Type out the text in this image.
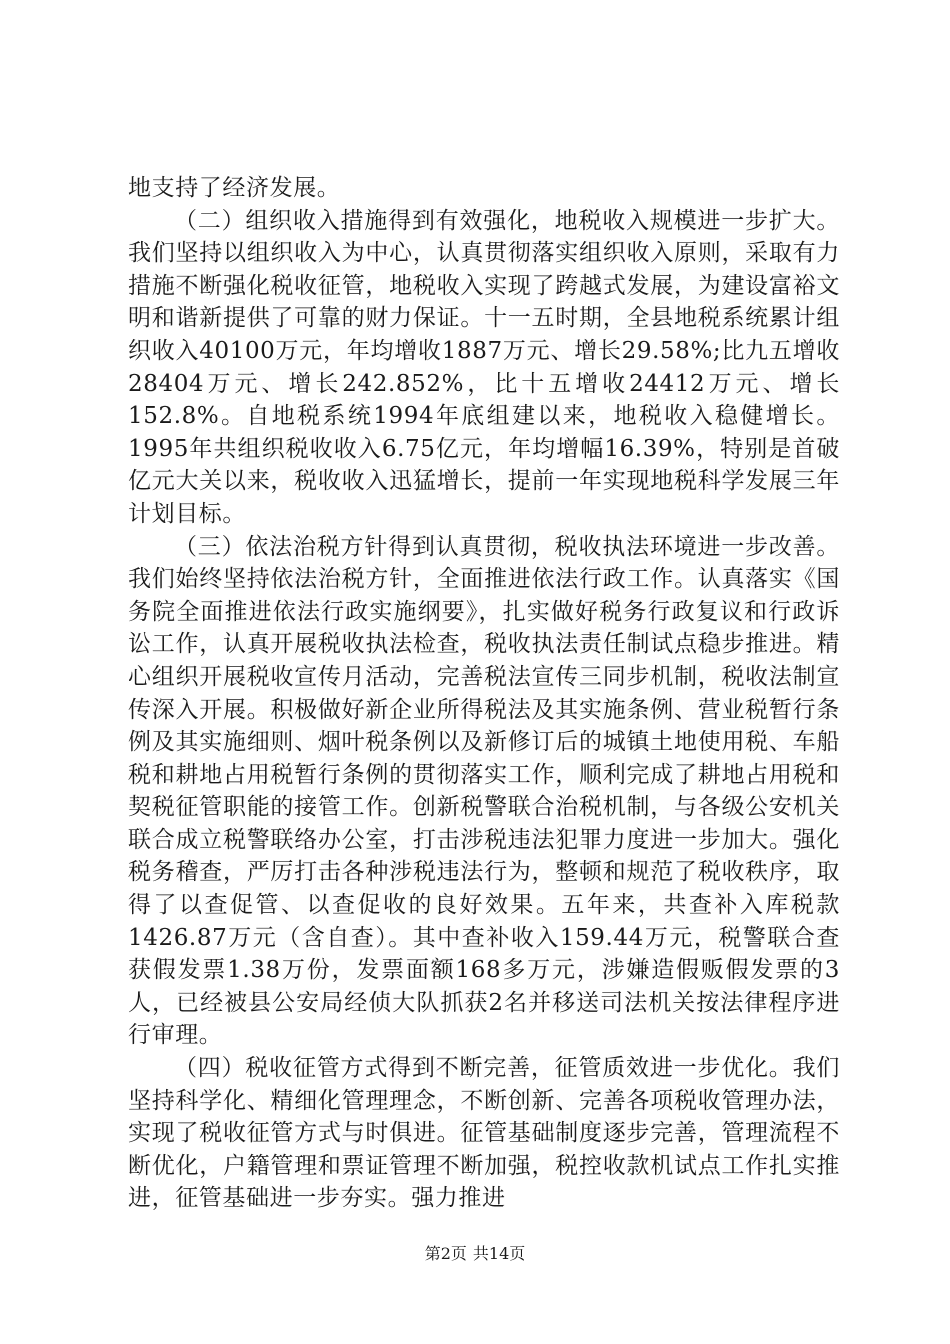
地支持了经济发展。

（二）组织收入措施得到有效强化，地税收入规模进一步扩大。我们坚持以组织收入为中心，认真贯彻落实组织收入原则，采取有力措施不断强化税收征管，地税收入实现了跨越式发展，为建设富裕文明和谐新提供了可靠的财力保证。十一五时期，全县地税系统累计组织收入40100万元，年均增收1887万元、增长29.58%;比九五增收28404万元、增长242.852%，比十五增收24412万元、增长152.8%。自地税系统1994年底组建以来，地税收入稳健增长。1995年共组织税收收入6.75亿元，年均增幅16.39%，特别是首破亿元大关以来，税收收入迅猛增长，提前一年实现地税科学发展三年计划目标。

（三）依法治税方针得到认真贯彻，税收执法环境进一步改善。我们始终坚持依法治税方针，全面推进依法行政工作。认真落实《国务院全面推进依法行政实施纲要》，扎实做好税务行政复议和行政诉讼工作，认真开展税收执法检查，税收执法责任制试点稳步推进。精心组织开展税收宣传月活动，完善税法宣传三同步机制，税收法制宣传深入开展。积极做好新企业所得税法及其实施条例、营业税暂行条例及其实施细则、烟叶税条例以及新修订后的城镇土地使用税、车船税和耕地占用税暂行条例的贯彻落实工作，顺利完成了耕地占用税和契税征管职能的接管工作。创新税警联合治税机制，与各级公安机关联合成立税警联络办公室，打击涉税违法犯罪力度进一步加大。强化税务稽查，严厉打击各种涉税违法行为，整顿和规范了税收秩序，取得了以查促管、以查促收的良好效果。五年来，共查补入库税款1426.87万元（含自查）。其中查补收入159.44万元，税警联合查获假发票1.38万份，发票面额168多万元，涉嫌造假贩假发票的3人，已经被县公安局经侦大队抓获2名并移送司法机关按法律程序进行审理。

（四）税收征管方式得到不断完善，征管质效进一步优化。我们坚持科学化、精细化管理理念，不断创新、完善各项税收管理办法，实现了税收征管方式与时俱进。征管基础制度逐步完善，管理流程不断优化，户籍管理和票证管理不断加强，税控收款机试点工作扎实推进，征管基础进一步夯实。强力推进

第2页 共14页
